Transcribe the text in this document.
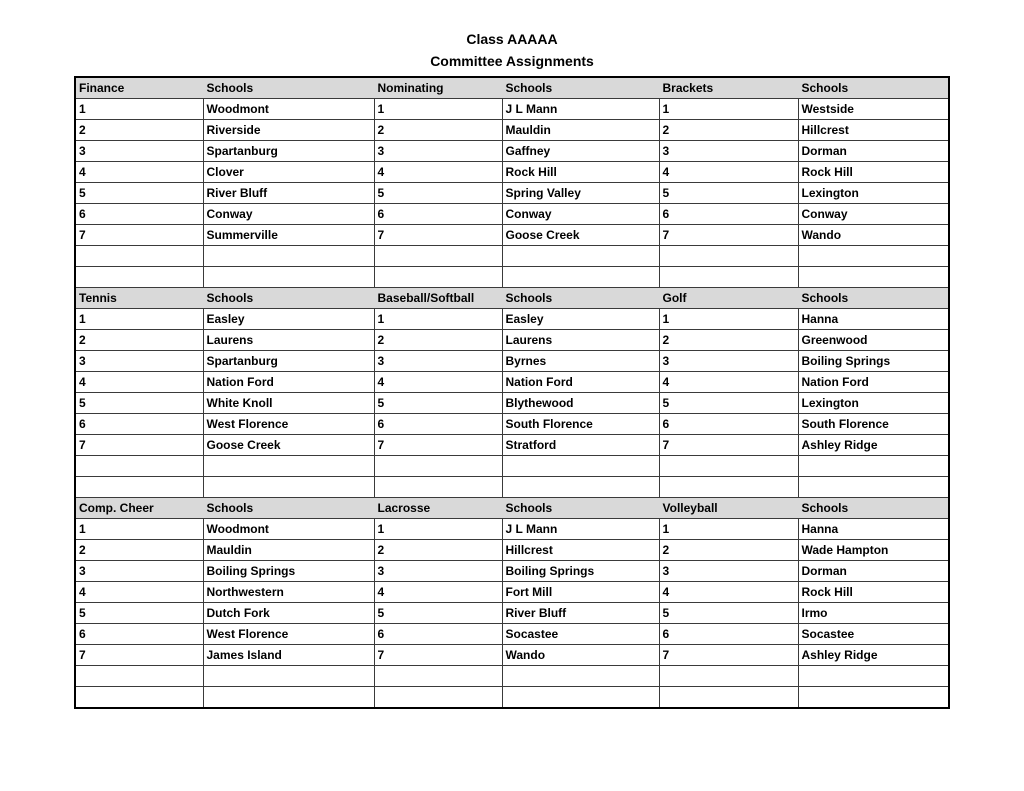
Class AAAAA
Committee Assignments
Finance	Schools	Nominating	Schools	Brackets	Schools
1	Woodmont	1	J L Mann	1	Westside
2	Riverside	2	Mauldin	2	Hillcrest
3	Spartanburg	3	Gaffney	3	Dorman
4	Clover	4	Rock Hill	4	Rock Hill
5	River Bluff	5	Spring Valley	5	Lexington
6	Conway	6	Conway	6	Conway
7	Summerville	7	Goose Creek	7	Wando

Tennis	Schools	Baseball/Softball	Schools	Golf	Schools
1	Easley	1	Easley	1	Hanna
2	Laurens	2	Laurens	2	Greenwood
3	Spartanburg	3	Byrnes	3	Boiling Springs
4	Nation Ford	4	Nation Ford	4	Nation Ford
5	White Knoll	5	Blythewood	5	Lexington
6	West Florence	6	South Florence	6	South Florence
7	Goose Creek	7	Stratford	7	Ashley Ridge

Comp. Cheer	Schools	Lacrosse	Schools	Volleyball	Schools
1	Woodmont	1	J L Mann	1	Hanna
2	Mauldin	2	Hillcrest	2	Wade Hampton
3	Boiling Springs	3	Boiling Springs	3	Dorman
4	Northwestern	4	Fort Mill	4	Rock Hill
5	Dutch Fork	5	River Bluff	5	Irmo
6	West Florence	6	Socastee	6	Socastee
7	James Island	7	Wando	7	Ashley Ridge
